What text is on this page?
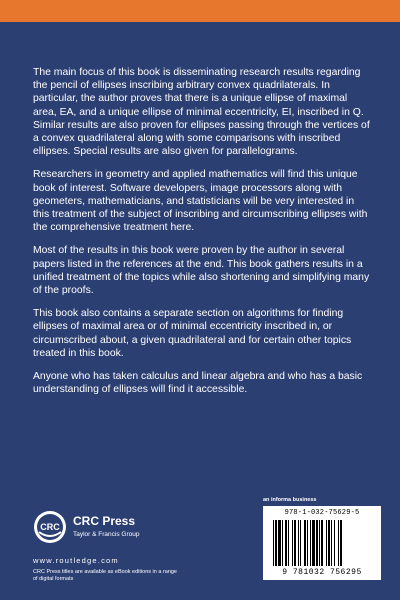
The main focus of this book is disseminating research results regarding the pencil of ellipses inscribing arbitrary convex quadrilaterals. In particular, the author proves that there is a unique ellipse of maximal area, EA, and a unique ellipse of minimal eccentricity, EI, inscribed in Q. Similar results are also proven for ellipses passing through the vertices of a convex quadrilateral along with some comparisons with inscribed ellipses. Special results are also given for parallelograms.

Researchers in geometry and applied mathematics will find this unique book of interest. Software developers, image processors along with geometers, mathematicians, and statisticians will be very interested in this treatment of the subject of inscribing and circumscribing ellipses with the comprehensive treatment here.

Most of the results in this book were proven by the author in several papers listed in the references at the end. This book gathers results in a unified treatment of the topics while also shortening and simplifying many of the proofs.

This book also contains a separate section on algorithms for finding ellipses of maximal area or of minimal eccentricity inscribed in, or circumscribed about, a given quadrilateral and for certain other topics treated in this book.

Anyone who has taken calculus and linear algebra and who has a basic understanding of ellipses will find it accessible.

CRC CRC Press
Taylor & Francis Group
www.routledge.com
CRC Press titles are available as eBook editions in a range of digital formats
an informa business
978-1-032-75629-5
9 781032 756295
